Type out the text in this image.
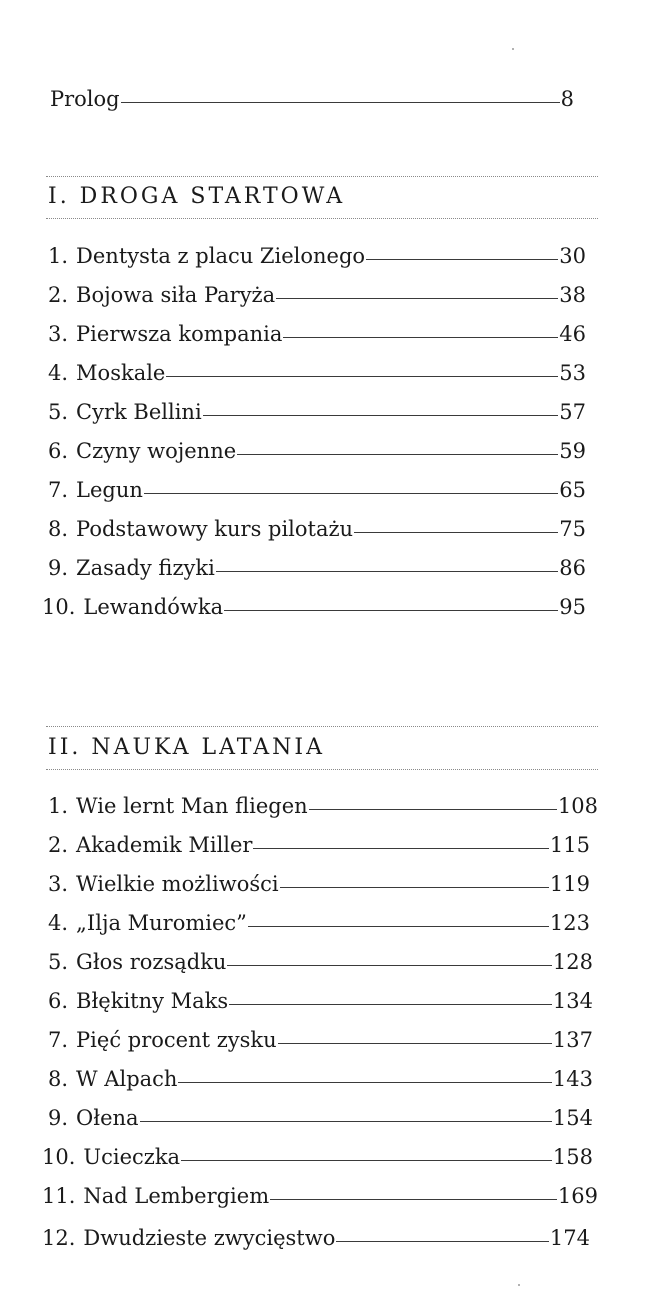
Prolog	8
I. DROGA STARTOWA
1. Dentysta z placu Zielonego	30
2. Bojowa siła Paryża	38
3. Pierwsza kompania	46
4. Moskale	53
5. Cyrk Bellini	57
6. Czyny wojenne	59
7. Legun	65
8. Podstawowy kurs pilotażu	75
9. Zasady fizyki	86
10. Lewandówka	95
II. NAUKA LATANIA
1. Wie lernt Man fliegen	108
2. Akademik Miller	115
3. Wielkie możliwości	119
4. „Ilja Muromiec”	123
5. Głos rozsądku	128
6. Błękitny Maks	134
7. Pięć procent zysku	137
8. W Alpach	143
9. Ołena	154
10. Ucieczka	158
11. Nad Lembergiem	169
12. Dwudzieste zwycięstwo	174
